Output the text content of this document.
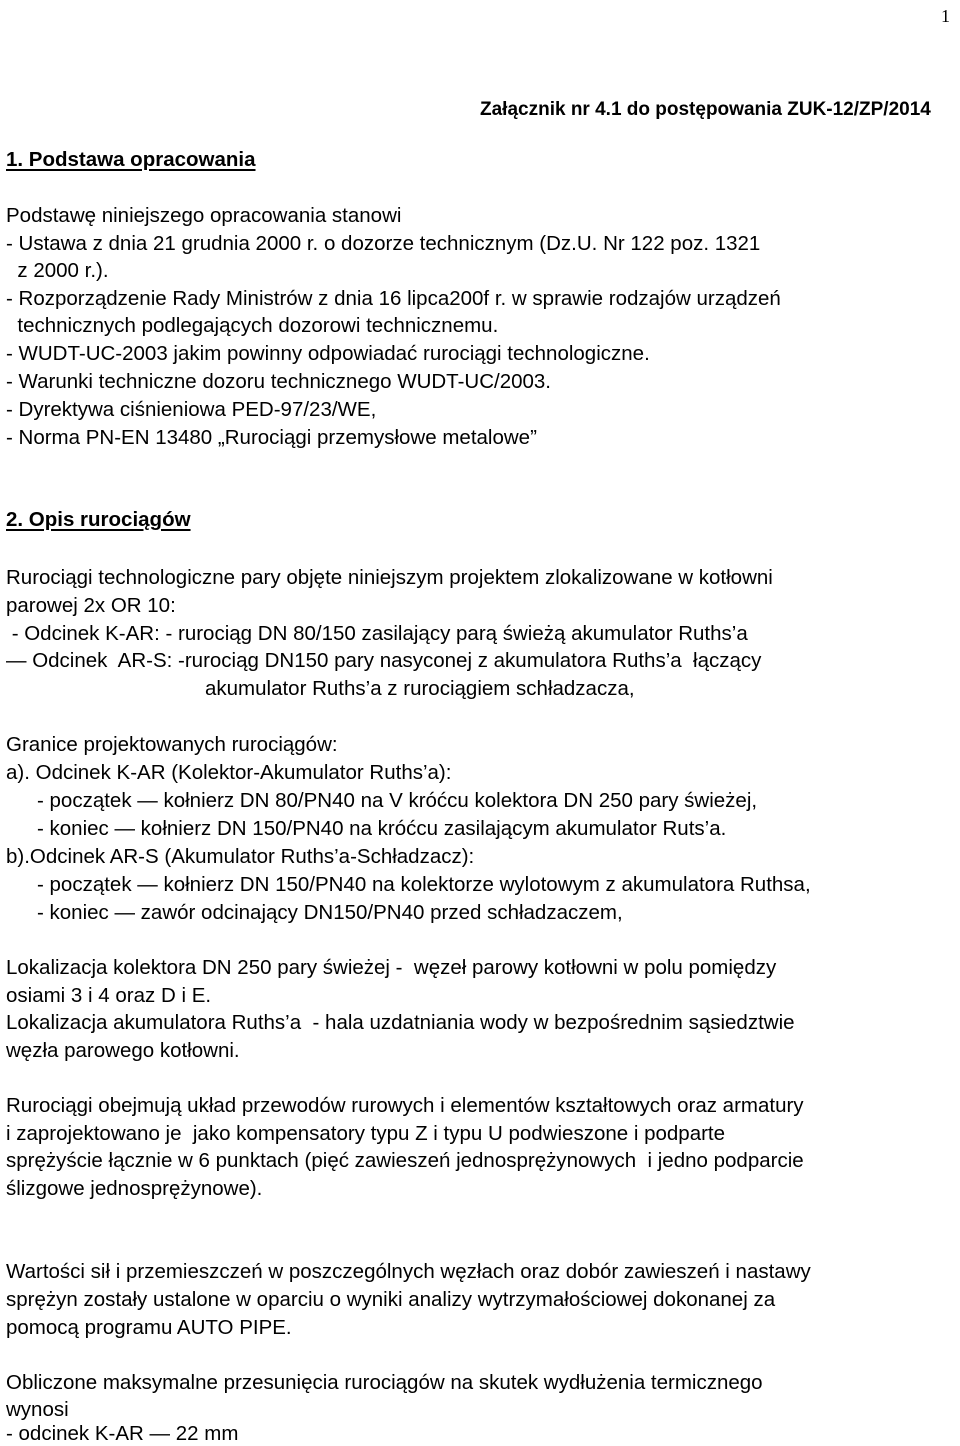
1
Załącznik nr 4.1 do postępowania ZUK-12/ZP/2014
1. Podstawa opracowania
Podstawę niniejszego opracowania stanowi
- Ustawa z dnia 21 grudnia 2000 r. o dozorze technicznym (Dz.U. Nr 122 poz. 1321
z 2000 r.).
- Rozporządzenie Rady Ministrów z dnia 16 lipca200f r. w sprawie rodzajów urządzeń
technicznych podlegających dozorowi technicznemu.
- WUDT-UC-2003 jakim powinny odpowiadać rurociągi technologiczne.
- Warunki techniczne dozoru technicznego WUDT-UC/2003.
- Dyrektywa ciśnieniowa PED-97/23/WE,
- Norma PN-EN 13480 „Rurociągi przemysłowe metalowe”
2. Opis rurociągów
Rurociągi technologiczne pary objęte niniejszym projektem zlokalizowane w kotłowni
parowej 2x OR 10:
- Odcinek K-AR: - rurociąg DN 80/150 zasilający parą świeżą akumulator Ruths’a
— Odcinek  AR-S: -rurociąg DN150 pary nasyconej z akumulatora Ruths’a  łączący
akumulator Ruths’a z rurociągiem schładzacza,
Granice projektowanych rurociągów:
a). Odcinek K-AR (Kolektor-Akumulator Ruths’a):
- początek — kołnierz DN 80/PN40 na V króćcu kolektora DN 250 pary świeżej,
- koniec — kołnierz DN 150/PN40 na króćcu zasilającym akumulator Ruts’a.
b).Odcinek AR-S (Akumulator Ruths’a-Schładzacz):
- początek — kołnierz DN 150/PN40 na kolektorze wylotowym z akumulatora Ruthsa,
- koniec — zawór odcinający DN150/PN40 przed schładzaczem,
Lokalizacja kolektora DN 250 pary świeżej -  węzeł parowy kotłowni w polu pomiędzy
osiami 3 i 4 oraz D i E.
Lokalizacja akumulatora Ruths’a  - hala uzdatniania wody w bezpośrednim sąsiedztwie
węzła parowego kotłowni.
Rurociągi obejmują układ przewodów rurowych i elementów kształtowych oraz armatury
i zaprojektowano je  jako kompensatory typu Z i typu U podwieszone i podparte
sprężyście łącznie w 6 punktach (pięć zawieszeń jednosprężynowych  i jedno podparcie
ślizgowe jednosprężynowe).
Wartości sił i przemieszczeń w poszczególnych węzłach oraz dobór zawieszeń i nastawy
sprężyn zostały ustalone w oparciu o wyniki analizy wytrzymałościowej dokonanej za
pomocą programu AUTO PIPE.
Obliczone maksymalne przesunięcia rurociągów na skutek wydłużenia termicznego
wynosi
- odcinek K-AR — 22 mm
